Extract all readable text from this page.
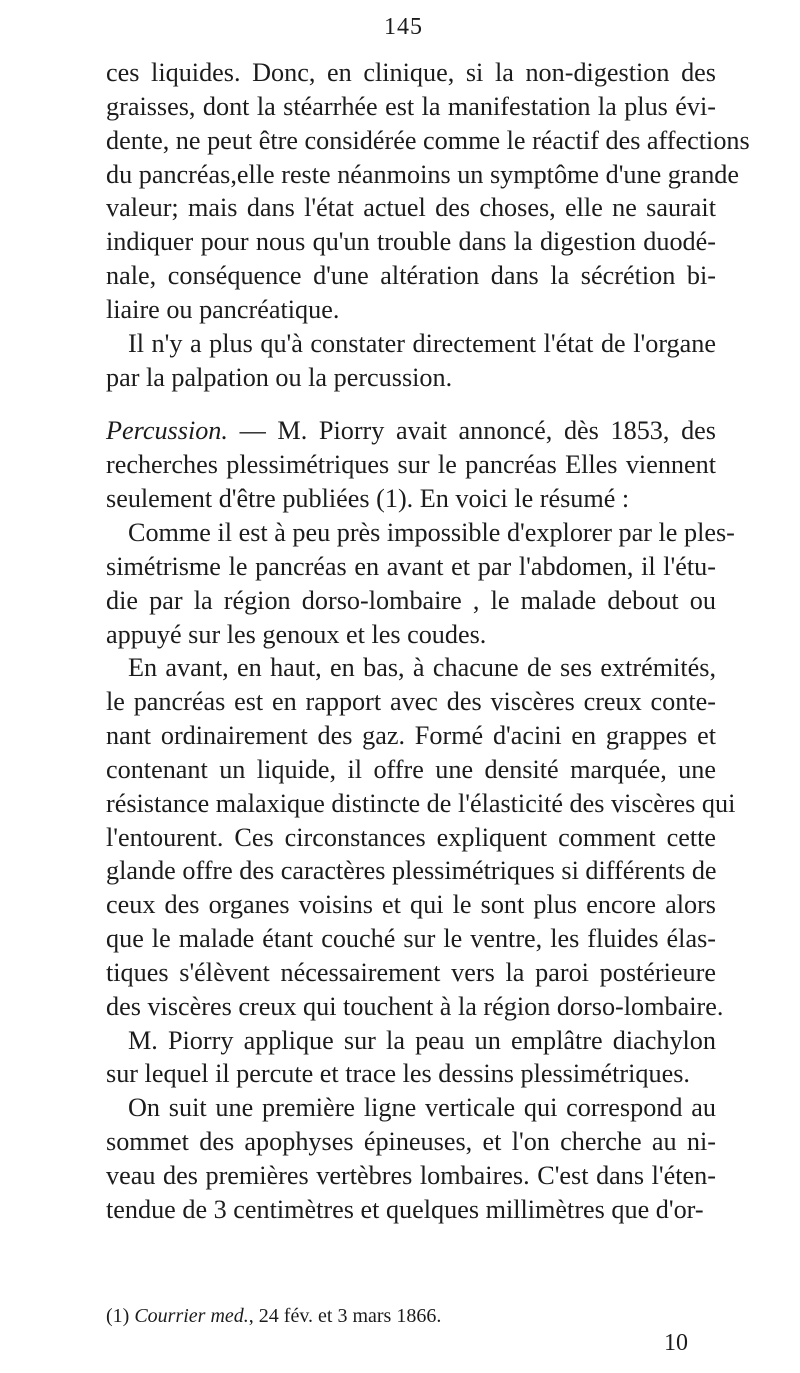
145
ces liquides. Donc, en clinique, si la non-digestion des
graisses, dont la stéarrhée est la manifestation la plus évi-
dente, ne peut être considérée comme le réactif des affections
du pancréas,elle reste néanmoins un symptôme d'une grande
valeur; mais dans l'état actuel des choses, elle ne saurait
indiquer pour nous qu'un trouble dans la digestion duodé-
nale, conséquence d'une altération dans la sécrétion bi-
liaire ou pancréatique.
Il n'y a plus qu'à constater directement l'état de l'organe
par la palpation ou la percussion.
Percussion. — M. Piorry avait annoncé, dès 1853, des
recherches plessimétriques sur le pancréas Elles viennent
seulement d'être publiées (1). En voici le résumé :
Comme il est à peu près impossible d'explorer par le ples-
simétrisme le pancréas en avant et par l'abdomen, il l'étu-
die par la région dorso-lombaire , le malade debout ou
appuyé sur les genoux et les coudes.
En avant, en haut, en bas, à chacune de ses extrémités,
le pancréas est en rapport avec des viscères creux conte-
nant ordinairement des gaz. Formé d'acini en grappes et
contenant un liquide, il offre une densité marquée, une
résistance malaxique distincte de l'élasticité des viscères qui
l'entourent. Ces circonstances expliquent comment cette
glande offre des caractères plessimétriques si différents de
ceux des organes voisins et qui le sont plus encore alors
que le malade étant couché sur le ventre, les fluides élas-
tiques s'élèvent nécessairement vers la paroi postérieure
des viscères creux qui touchent à la région dorso-lombaire.
M. Piorry applique sur la peau un emplâtre diachylon
sur lequel il percute et trace les dessins plessimétriques.
On suit une première ligne verticale qui correspond au
sommet des apophyses épineuses, et l'on cherche au ni-
veau des premières vertèbres lombaires. C'est dans l'éten-
tendue de 3 centimètres et quelques millimètres que d'or-
(1) Courrier med., 24 fév. et 3 mars 1866.
10
